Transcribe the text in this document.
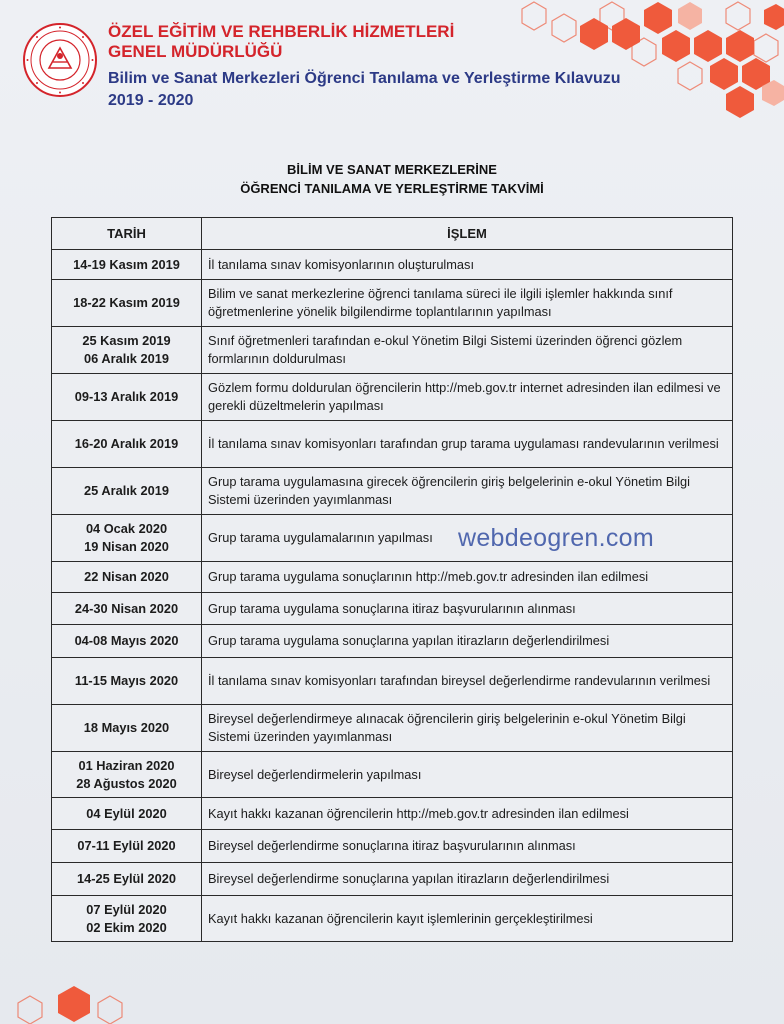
ÖZEL EĞİTİM VE REHBERLİK HİZMETLERİ
GENEL MÜDÜRLÜĞÜ
Bilim ve Sanat Merkezleri Öğrenci Tanılama ve Yerleştirme Kılavuzu
2019 - 2020
BİLİM VE SANAT MERKEZLERİNE
ÖĞRENCİ TANILAMA VE YERLEŞTİRME TAKVİMİ
TARİH	İŞLEM

14-19 Kasım 2019	İl tanılama sınav komisyonlarının oluşturulması

18-22 Kasım 2019	Bilim ve sanat merkezlerine öğrenci tanılama süreci ile ilgili işlemler hakkında sınıf öğretmenlerine yönelik bilgilendirme toplantılarının yapılması

25 Kasım 2019
06 Aralık 2019	Sınıf öğretmenleri tarafından e-okul Yönetim Bilgi Sistemi üzerinden öğrenci gözlem formlarının doldurulması

09-13 Aralık 2019	Gözlem formu doldurulan öğrencilerin http://meb.gov.tr internet adresinden ilan edilmesi ve gerekli düzeltmelerin yapılması

16-20 Aralık 2019	İl tanılama sınav komisyonları tarafından grup tarama uygulaması randevularının verilmesi

25 Aralık 2019	Grup tarama uygulamasına girecek öğrencilerin giriş belgelerinin e-okul Yönetim Bilgi Sistemi üzerinden yayımlanması

04 Ocak 2020
19 Nisan 2020	Grup tarama uygulamalarının yapılması

22 Nisan 2020	Grup tarama uygulama sonuçlarının http://meb.gov.tr adresinden ilan edilmesi

24-30 Nisan 2020	Grup tarama uygulama sonuçlarına itiraz başvurularının alınması

04-08 Mayıs 2020	Grup tarama uygulama sonuçlarına yapılan itirazların değerlendirilmesi

11-15 Mayıs 2020	İl tanılama sınav komisyonları tarafından bireysel değerlendirme randevularının verilmesi

18 Mayıs 2020	Bireysel değerlendirmeye alınacak öğrencilerin giriş belgelerinin e-okul Yönetim Bilgi Sistemi üzerinden yayımlanması

01 Haziran 2020
28 Ağustos 2020	Bireysel değerlendirmelerin yapılması

04 Eylül 2020	Kayıt hakkı kazanan öğrencilerin http://meb.gov.tr adresinden ilan edilmesi

07-11 Eylül 2020	Bireysel değerlendirme sonuçlarına itiraz başvurularının alınması

14-25 Eylül 2020	Bireysel değerlendirme sonuçlarına yapılan itirazların değerlendirilmesi

07 Eylül 2020
02 Ekim 2020	Kayıt hakkı kazanan öğrencilerin kayıt işlemlerinin gerçekleştirilmesi
webdeogren.com
